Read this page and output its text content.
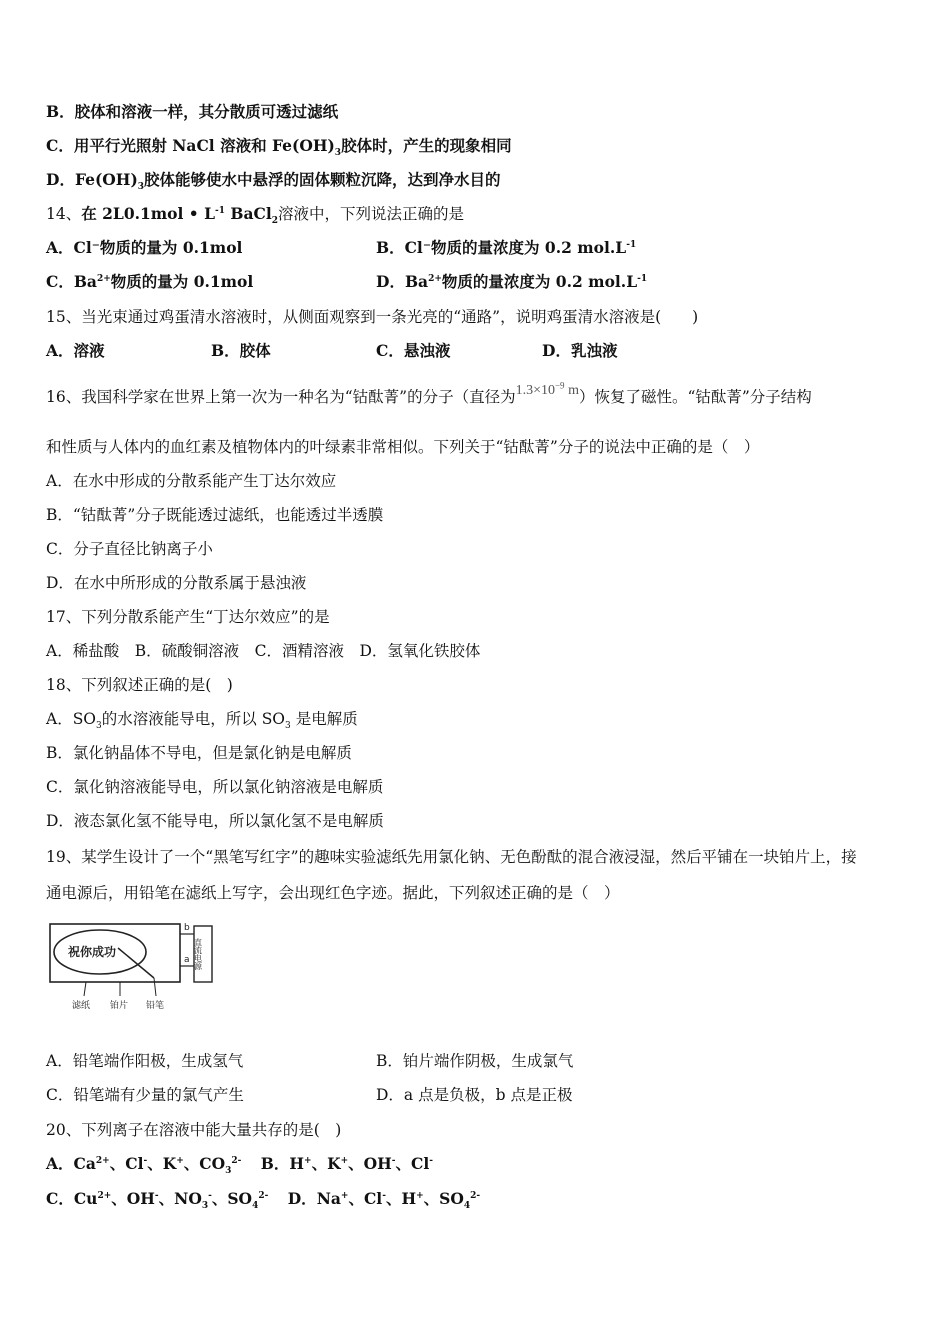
B．胶体和溶液一样，其分散质可透过滤纸
C．用平行光照射 NaCl 溶液和 $Fe(OH)_3$胶体时，产生的现象相同
D．$Fe(OH)_3$胶体能够使水中悬浮的固体颗粒沉降，达到净水目的
14、在 2L0.1mol • $L^{-1}$ BaCl$_2$溶液中，下列说法正确的是
A．Cl⁻物质的量为 0.1mol	B．Cl⁻物质的量浓度为 0.2 $mol.L^{-1}$
C．$Ba^{2+}$物质的量为 0.1mol	D．$Ba^{2+}$物质的量浓度为 0.2 $mol.L^{-1}$
15、当光束通过鸡蛋清水溶液时，从侧面观察到一条光亮的“通路”，说明鸡蛋清水溶液是(　　)
A．溶液	B．胶体	C．悬浊液	D．乳浊液
16、我国科学家在世界上第一次为一种名为“钴酞菁”的分子（直径为$1.3\times 10^{-9}$ m）恢复了磁性。“钴酞菁”分子结构
和性质与人体内的血红素及植物体内的叶绿素非常相似。下列关于“钴酞菁”分子的说法中正确的是（　）
A．在水中形成的分散系能产生丁达尔效应
B．“钴酞菁”分子既能透过滤纸，也能透过半透膜
C．分子直径比钠离子小
D．在水中所形成的分散系属于悬浊液
17、下列分散系能产生“丁达尔效应”的是
A．稀盐酸　B．硫酸铜溶液　C．酒精溶液　D．氢氧化铁胶体
18、下列叙述正确的是(　)
A．$SO_3$的水溶液能导电，所以 $SO_3$ 是电解质
B．氯化钠晶体不导电，但是氯化钠是电解质
C．氯化钠溶液能导电，所以氯化钠溶液是电解质
D．液态氯化氢不能导电，所以氯化氢不是电解质
19、某学生设计了一个“黑笔写红字”的趣味实验滤纸先用氯化钠、无色酚酞的混合液浸湿，然后平铺在一块铂片上，接
通电源后，用铅笔在滤纸上写字，会出现红色字迹。据此，下列叙述正确的是（　）
祝你成功
b
a 直流电源
滤纸 铂片 铅笔
A．铅笔端作阳极，生成氢气	B．铂片端作阴极，生成氯气
C．铅笔端有少量的氯气产生	D．a 点是负极，b 点是正极
20、下列离子在溶液中能大量共存的是(　)
A．$Ca^{2+}$、Cl-、K+、$CO_3^{2-}$ B．H+、K+、OH-、Cl-
C．$Cu^{2+}$、OH-、$NO_3^-$、$SO_4^{2-}$ D．Na+、Cl-、H+、$SO_4^{2-}$
